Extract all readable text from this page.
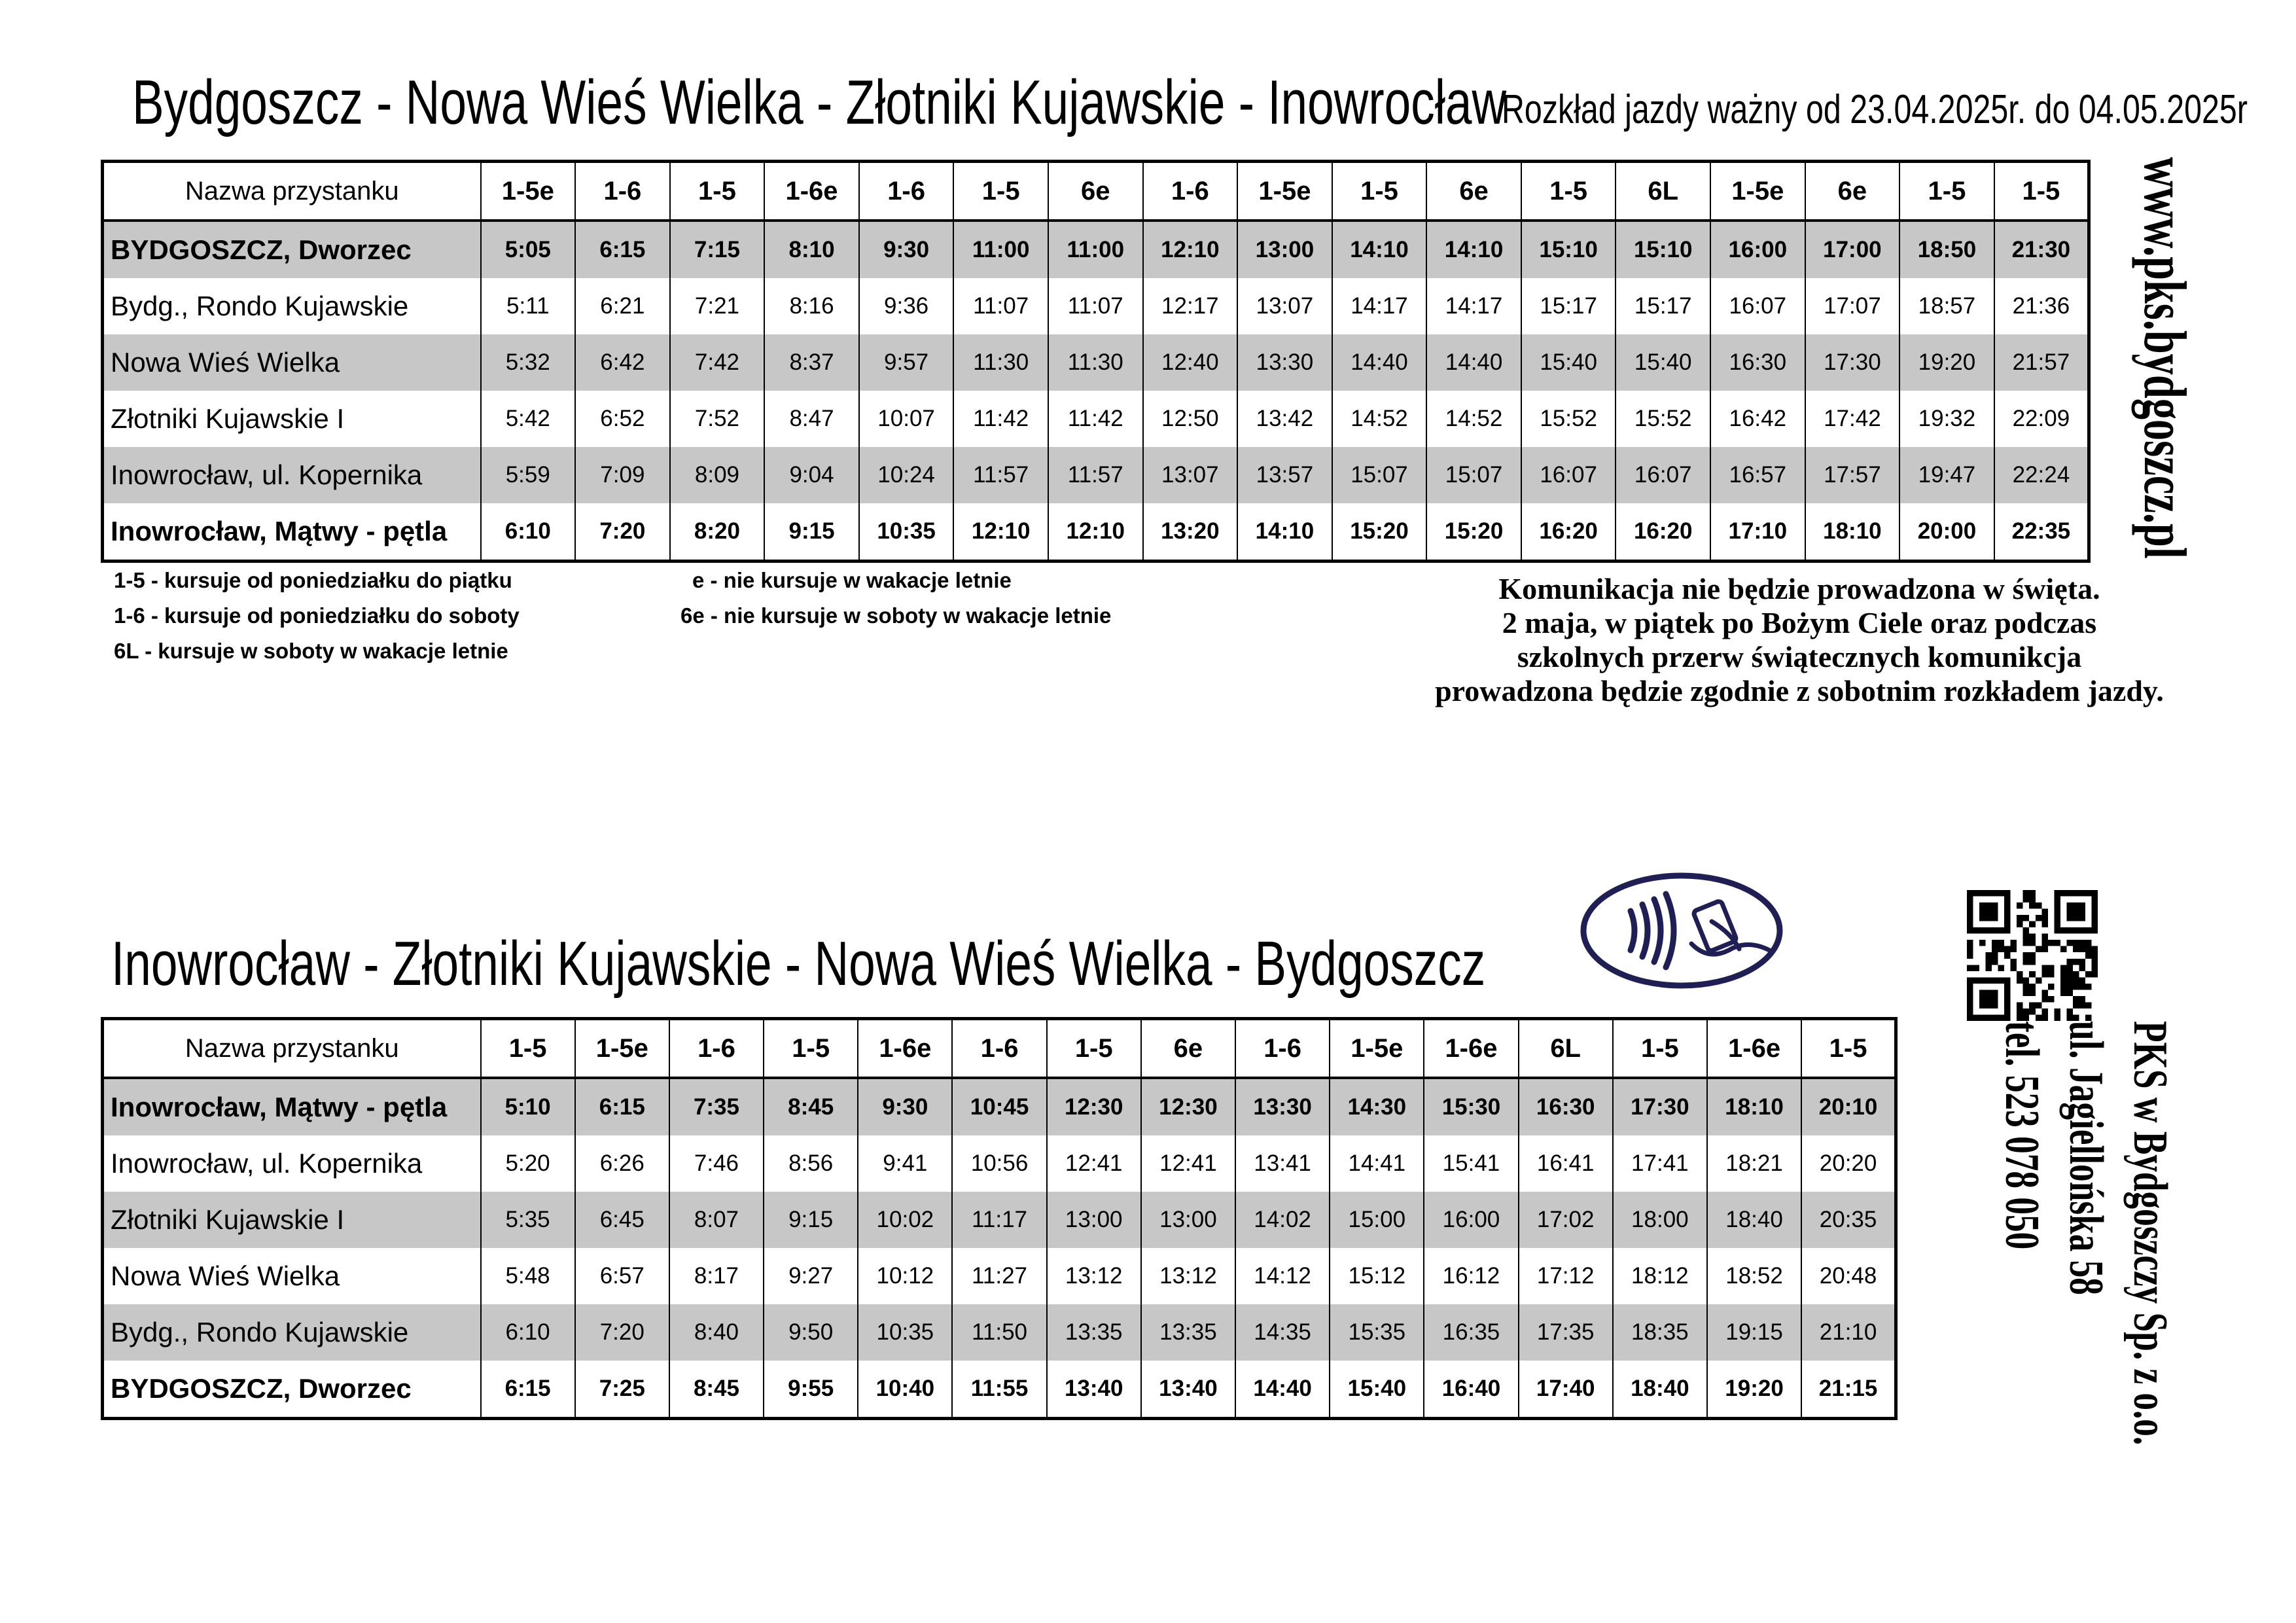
Bydgoszcz - Nowa Wieś Wielka - Złotniki Kujawskie - Inowrocław
Rozkład jazdy ważny od 23.04.2025r. do 04.05.2025r
Nazwa przystanku	1-5e	1-6	1-5	1-6e	1-6	1-5	6e	1-6	1-5e	1-5	6e	1-5	6L	1-5e	6e	1-5	1-5
BYDGOSZCZ, Dworzec	5:05	6:15	7:15	8:10	9:30	11:00	11:00	12:10	13:00	14:10	14:10	15:10	15:10	16:00	17:00	18:50	21:30
Bydg., Rondo Kujawskie	5:11	6:21	7:21	8:16	9:36	11:07	11:07	12:17	13:07	14:17	14:17	15:17	15:17	16:07	17:07	18:57	21:36
Nowa Wieś Wielka	5:32	6:42	7:42	8:37	9:57	11:30	11:30	12:40	13:30	14:40	14:40	15:40	15:40	16:30	17:30	19:20	21:57
Złotniki Kujawskie I	5:42	6:52	7:52	8:47	10:07	11:42	11:42	12:50	13:42	14:52	14:52	15:52	15:52	16:42	17:42	19:32	22:09
Inowrocław, ul. Kopernika	5:59	7:09	8:09	9:04	10:24	11:57	11:57	13:07	13:57	15:07	15:07	16:07	16:07	16:57	17:57	19:47	22:24
Inowrocław, Mątwy - pętla	6:10	7:20	8:20	9:15	10:35	12:10	12:10	13:20	14:10	15:20	15:20	16:20	16:20	17:10	18:10	20:00	22:35
1-5 - kursuje od poniedziałku do piątku
1-6 - kursuje od poniedziałku do soboty
6L - kursuje w soboty w wakacje letnie
e - nie kursuje w wakacje letnie
6e - nie kursuje w soboty w wakacje letnie
Komunikacja nie będzie prowadzona w święta.
2 maja, w piątek po Bożym Ciele oraz podczas
szkolnych przerw świątecznych komunikcja
prowadzona będzie zgodnie z sobotnim rozkładem jazdy.
www.pks.bydgoszcz.pl
Inowrocław - Złotniki Kujawskie - Nowa Wieś Wielka - Bydgoszcz
PKS w Bydgoszczy Sp. z o.o.
ul. Jagiellońska 58
tel. 523 078 050
Nazwa przystanku	1-5	1-5e	1-6	1-5	1-6e	1-6	1-5	6e	1-6	1-5e	1-6e	6L	1-5	1-6e	1-5
Inowrocław, Mątwy - pętla	5:10	6:15	7:35	8:45	9:30	10:45	12:30	12:30	13:30	14:30	15:30	16:30	17:30	18:10	20:10
Inowrocław, ul. Kopernika	5:20	6:26	7:46	8:56	9:41	10:56	12:41	12:41	13:41	14:41	15:41	16:41	17:41	18:21	20:20
Złotniki Kujawskie I	5:35	6:45	8:07	9:15	10:02	11:17	13:00	13:00	14:02	15:00	16:00	17:02	18:00	18:40	20:35
Nowa Wieś Wielka	5:48	6:57	8:17	9:27	10:12	11:27	13:12	13:12	14:12	15:12	16:12	17:12	18:12	18:52	20:48
Bydg., Rondo Kujawskie	6:10	7:20	8:40	9:50	10:35	11:50	13:35	13:35	14:35	15:35	16:35	17:35	18:35	19:15	21:10
BYDGOSZCZ, Dworzec	6:15	7:25	8:45	9:55	10:40	11:55	13:40	13:40	14:40	15:40	16:40	17:40	18:40	19:20	21:15
